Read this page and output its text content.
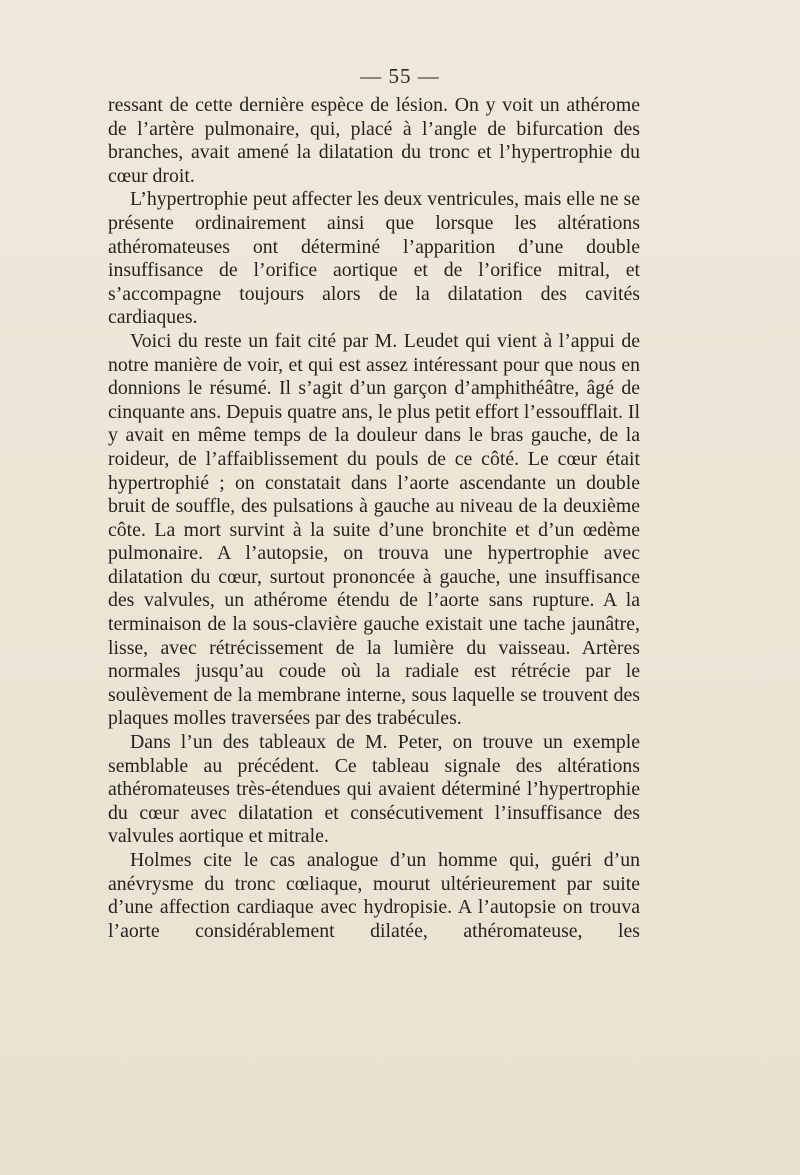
— 55 —

ressant de cette dernière espèce de lésion. On y voit un athérome de l’artère pulmonaire, qui, placé à l’angle de bifurcation des branches, avait amené la dilatation du tronc et l’hypertrophie du cœur droit.

L’hypertrophie peut affecter les deux ventricules, mais elle ne se présente ordinairement ainsi que lorsque les altérations athéromateuses ont déterminé l’apparition d’une double insuffisance de l’orifice aortique et de l’orifice mitral, et s’accompagne toujours alors de la dilatation des cavités cardiaques.

Voici du reste un fait cité par M. Leudet qui vient à l’appui de notre manière de voir, et qui est assez intéressant pour que nous en donnions le résumé. Il s’agit d’un garçon d’amphithéâtre, âgé de cinquante ans. Depuis quatre ans, le plus petit effort l’essoufflait. Il y avait en même temps de la douleur dans le bras gauche, de la roideur, de l’affaiblissement du pouls de ce côté. Le cœur était hypertrophié ; on constatait dans l’aorte ascendante un double bruit de souffle, des pulsations à gauche au niveau de la deuxième côte. La mort survint à la suite d’une bronchite et d’un œdème pulmonaire. A l’autopsie, on trouva une hypertrophie avec dilatation du cœur, surtout prononcée à gauche, une insuffisance des valvules, un athérome étendu de l’aorte sans rupture. A la terminaison de la sous-clavière gauche existait une tache jaunâtre, lisse, avec rétrécissement de la lumière du vaisseau. Artères normales jusqu’au coude où la radiale est rétrécie par le soulèvement de la membrane interne, sous laquelle se trouvent des plaques molles traversées par des trabécules.

Dans l’un des tableaux de M. Peter, on trouve un exemple semblable au précédent. Ce tableau signale des altérations athéromateuses très-étendues qui avaient déterminé l’hypertrophie du cœur avec dilatation et consécutivement l’insuffisance des valvules aortique et mitrale.

Holmes cite le cas analogue d’un homme qui, guéri d’un anévrysme du tronc cœliaque, mourut ultérieurement par suite d’une affection cardiaque avec hydropisie. A l’autopsie on trouva l’aorte considérablement dilatée, athéromateuse, les
